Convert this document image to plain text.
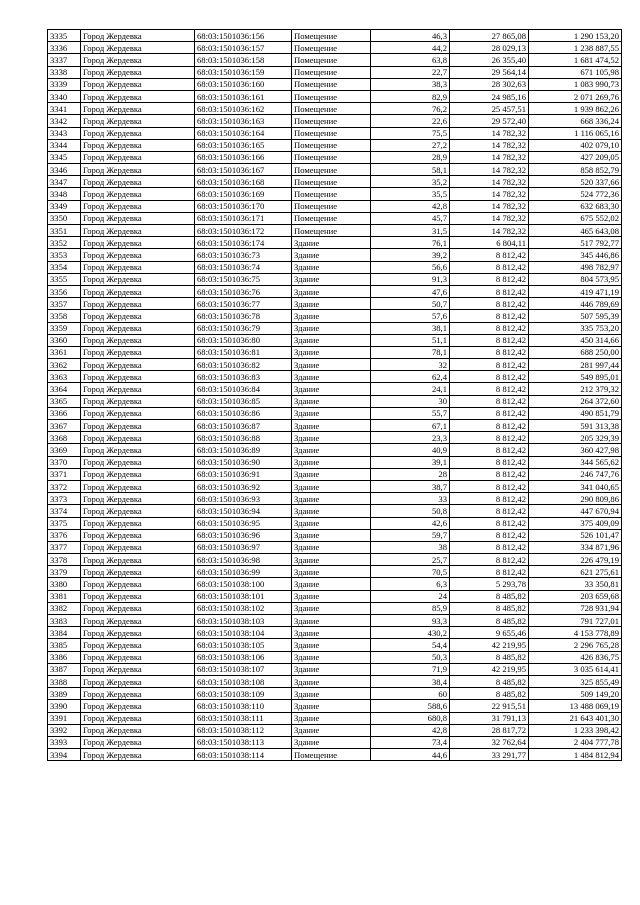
3335	Город Жердевка	68:03:1501036:156	Помещение	46,3	27 865,08	1 290 153,20
3336	Город Жердевка	68:03:1501036:157	Помещение	44,2	28 029,13	1 238 887,55
3337	Город Жердевка	68:03:1501036:158	Помещение	63,8	26 355,40	1 681 474,52
3338	Город Жердевка	68:03:1501036:159	Помещение	22,7	29 564,14	671 105,98
3339	Город Жердевка	68:03:1501036:160	Помещение	38,3	28 302,63	1 083 990,73
3340	Город Жердевка	68:03:1501036:161	Помещение	82,9	24 985,16	2 071 269,76
3341	Город Жердевка	68:03:1501036:162	Помещение	76,2	25 457,51	1 939 862,26
3342	Город Жердевка	68:03:1501036:163	Помещение	22,6	29 572,40	668 336,24
3343	Город Жердевка	68:03:1501036:164	Помещение	75,5	14 782,32	1 116 065,16
3344	Город Жердевка	68:03:1501036:165	Помещение	27,2	14 782,32	402 079,10
3345	Город Жердевка	68:03:1501036:166	Помещение	28,9	14 782,32	427 209,05
3346	Город Жердевка	68:03:1501036:167	Помещение	58,1	14 782,32	858 852,79
3347	Город Жердевка	68:03:1501036:168	Помещение	35,2	14 782,32	520 337,66
3348	Город Жердевка	68:03:1501036:169	Помещение	35,5	14 782,32	524 772,36
3349	Город Жердевка	68:03:1501036:170	Помещение	42,8	14 782,32	632 683,30
3350	Город Жердевка	68:03:1501036:171	Помещение	45,7	14 782,32	675 552,02
3351	Город Жердевка	68:03:1501036:172	Помещение	31,5	14 782,32	465 643,08
3352	Город Жердевка	68:03:1501036:174	Здание	76,1	6 804,11	517 792,77
3353	Город Жердевка	68:03:1501036:73	Здание	39,2	8 812,42	345 446,86
3354	Город Жердевка	68:03:1501036:74	Здание	56,6	8 812,42	498 782,97
3355	Город Жердевка	68:03:1501036:75	Здание	91,3	8 812,42	804 573,95
3356	Город Жердевка	68:03:1501036:76	Здание	47,6	8 812,42	419 471,19
3357	Город Жердевка	68:03:1501036:77	Здание	50,7	8 812,42	446 789,69
3358	Город Жердевка	68:03:1501036:78	Здание	57,6	8 812,42	507 595,39
3359	Город Жердевка	68:03:1501036:79	Здание	38,1	8 812,42	335 753,20
3360	Город Жердевка	68:03:1501036:80	Здание	51,1	8 812,42	450 314,66
3361	Город Жердевка	68:03:1501036:81	Здание	78,1	8 812,42	688 250,00
3362	Город Жердевка	68:03:1501036:82	Здание	32	8 812,42	281 997,44
3363	Город Жердевка	68:03:1501036:83	Здание	62,4	8 812,42	549 895,01
3364	Город Жердевка	68:03:1501036:84	Здание	24,1	8 812,42	212 379,32
3365	Город Жердевка	68:03:1501036:85	Здание	30	8 812,42	264 372,60
3366	Город Жердевка	68:03:1501036:86	Здание	55,7	8 812,42	490 851,79
3367	Город Жердевка	68:03:1501036:87	Здание	67,1	8 812,42	591 313,38
3368	Город Жердевка	68:03:1501036:88	Здание	23,3	8 812,42	205 329,39
3369	Город Жердевка	68:03:1501036:89	Здание	40,9	8 812,42	360 427,98
3370	Город Жердевка	68:03:1501036:90	Здание	39,1	8 812,42	344 565,62
3371	Город Жердевка	68:03:1501036:91	Здание	28	8 812,42	246 747,76
3372	Город Жердевка	68:03:1501036:92	Здание	38,7	8 812,42	341 040,65
3373	Город Жердевка	68:03:1501036:93	Здание	33	8 812,42	290 809,86
3374	Город Жердевка	68:03:1501036:94	Здание	50,8	8 812,42	447 670,94
3375	Город Жердевка	68:03:1501036:95	Здание	42,6	8 812,42	375 409,09
3376	Город Жердевка	68:03:1501036:96	Здание	59,7	8 812,42	526 101,47
3377	Город Жердевка	68:03:1501036:97	Здание	38	8 812,42	334 871,96
3378	Город Жердевка	68:03:1501036:98	Здание	25,7	8 812,42	226 479,19
3379	Город Жердевка	68:03:1501036:99	Здание	70,5	8 812,42	621 275,61
3380	Город Жердевка	68:03:1501038:100	Здание	6,3	5 293,78	33 350,81
3381	Город Жердевка	68:03:1501038:101	Здание	24	8 485,82	203 659,68
3382	Город Жердевка	68:03:1501038:102	Здание	85,9	8 485,82	728 931,94
3383	Город Жердевка	68:03:1501038:103	Здание	93,3	8 485,82	791 727,01
3384	Город Жердевка	68:03:1501038:104	Здание	430,2	9 655,46	4 153 778,89
3385	Город Жердевка	68:03:1501038:105	Здание	54,4	42 219,95	2 296 765,28
3386	Город Жердевка	68:03:1501038:106	Здание	50,3	8 485,82	426 836,75
3387	Город Жердевка	68:03:1501038:107	Здание	71,9	42 219,95	3 035 614,41
3388	Город Жердевка	68:03:1501038:108	Здание	38,4	8 485,82	325 855,49
3389	Город Жердевка	68:03:1501038:109	Здание	60	8 485,82	509 149,20
3390	Город Жердевка	68:03:1501038:110	Здание	588,6	22 915,51	13 488 069,19
3391	Город Жердевка	68:03:1501038:111	Здание	680,8	31 791,13	21 643 401,30
3392	Город Жердевка	68:03:1501038:112	Здание	42,8	28 817,72	1 233 398,42
3393	Город Жердевка	68:03:1501038:113	Здание	73,4	32 762,64	2 404 777,78
3394	Город Жердевка	68:03:1501038:114	Помещение	44,6	33 291,77	1 484 812,94
